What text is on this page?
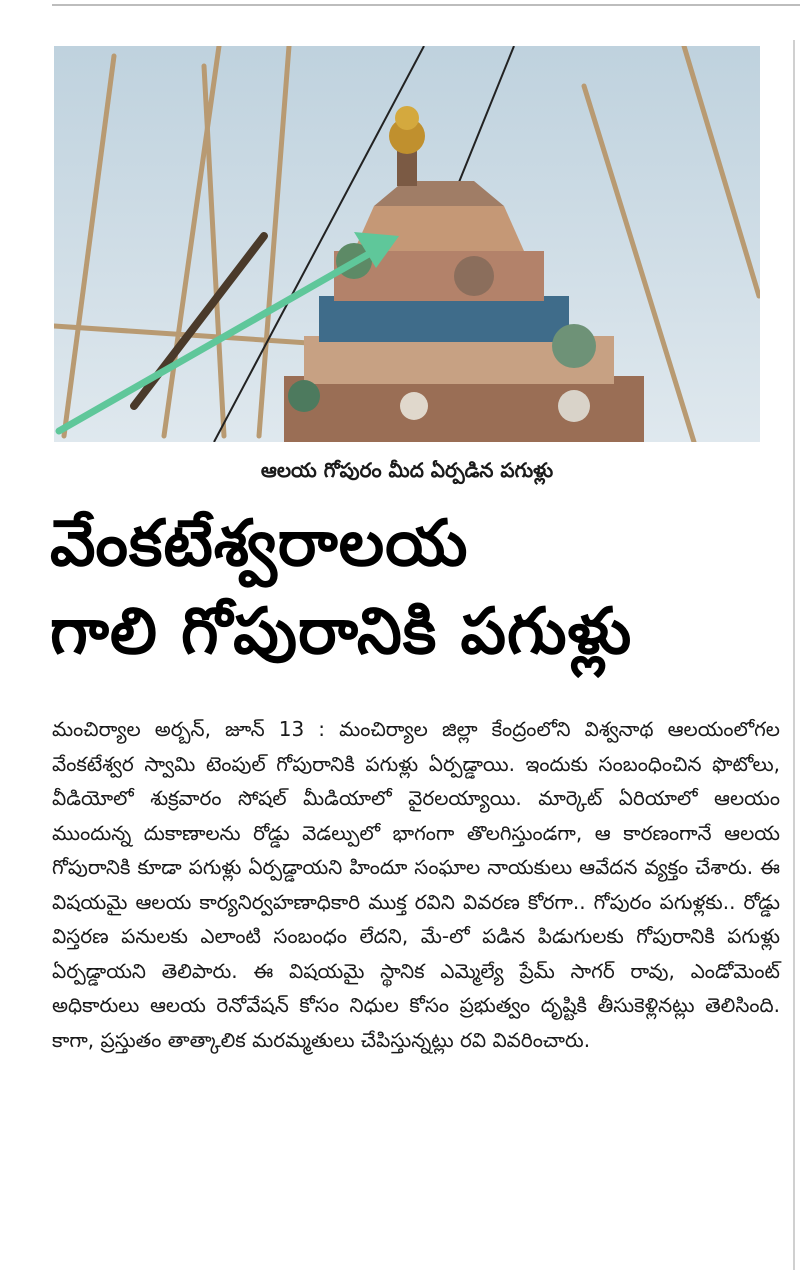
ఆలయ గోపురం మీద ఏర్పడిన పగుళ్లు
వేంకటేశ్వరాలయ
గాలి గోపురానికి పగుళ్లు
మంచిర్యాల అర్బన్, జూన్ 13 : మంచిర్యాల జిల్లా కేంద్రంలోని విశ్వనాథ ఆలయంలోగల వేంకటేశ్వర స్వామి టెంపుల్ గోపురానికి పగుళ్లు ఏర్పడ్డాయి. ఇందుకు సంబంధించిన ఫొటోలు, వీడియోలో శుక్రవారం సోషల్ మీడియాలో వైరలయ్యాయి. మార్కెట్ ఏరియాలో ఆలయం ముందున్న దుకాణాలను రోడ్డు వెడల్పులో భాగంగా తొలగిస్తుండగా, ఆ కారణంగానే ఆలయ గోపురానికి కూడా పగుళ్లు ఏర్పడ్డాయని హిందూ సంఘాల నాయకులు ఆవేదన వ్యక్తం చేశారు. ఈ విషయమై ఆలయ కార్యనిర్వహణాధికారి ముక్త రవిని వివరణ కోరగా.. గోపురం పగుళ్లకు.. రోడ్డు విస్తరణ పనులకు ఎలాంటి సంబంధం లేదని, మే-లో పడిన పిడుగులకు గోపురానికి పగుళ్లు ఏర్పడ్డాయని తెలిపారు. ఈ విషయమై స్థానిక ఎమ్మెల్యే ప్రేమ్ సాగర్ రావు, ఎండోమెంట్ అధికారులు ఆలయ రెనోవేషన్ కోసం నిధుల కోసం ప్రభుత్వం దృష్టికి తీసుకెళ్లినట్లు తెలిసింది. కాగా, ప్రస్తుతం తాత్కాలిక మరమ్మతులు చేపిస్తున్నట్లు రవి వివరించారు.
